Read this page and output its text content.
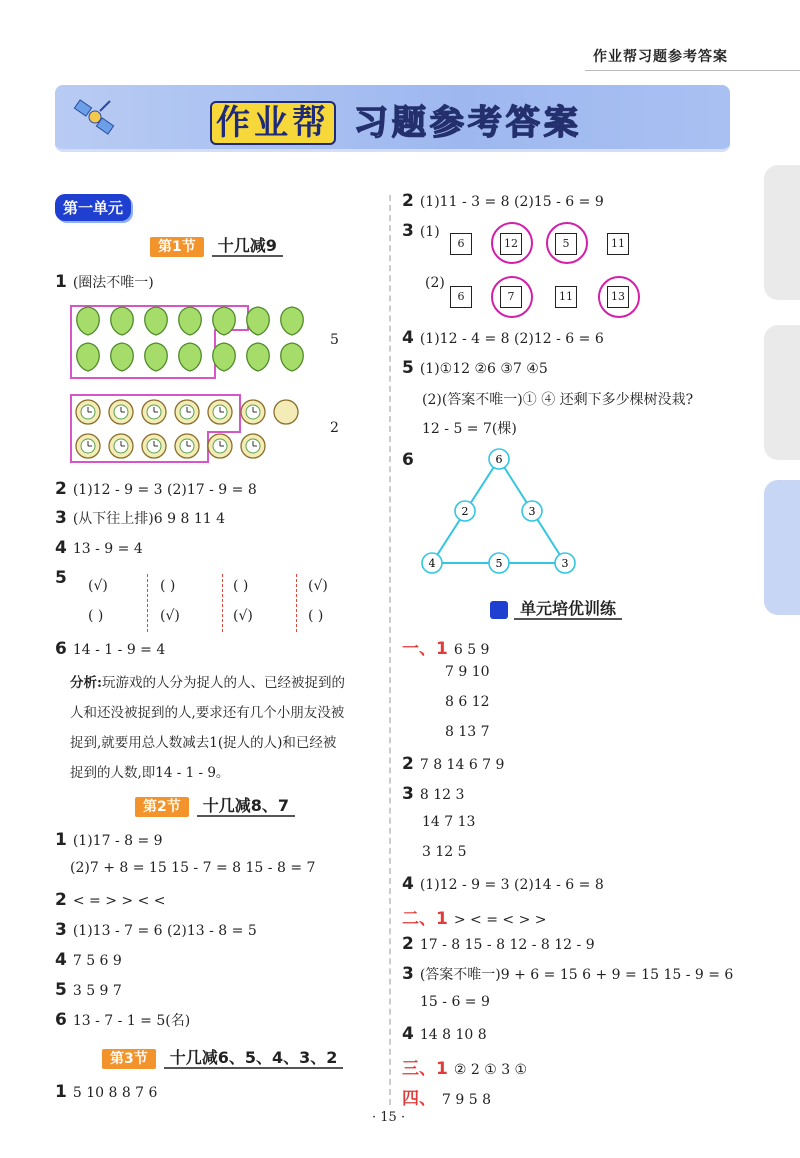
作业帮习题参考答案
作业帮 习题参考答案
第一单元
第1节 十几减9
1 (圈法不唯一)
5
2
2 (1)12 - 9 = 3 (2)17 - 9 = 8
3 (从下往上排)6 9 8 11 4
4 13 - 9 = 4
5	(√)	( )	( )	(√)
( )	(√)	(√)	( )
6 14 - 1 - 9 = 4
分析:玩游戏的人分为捉人的人、已经被捉到的
人和还没被捉到的人,要求还有几个小朋友没被
捉到,就要用总人数减去1(捉人的人)和已经被
捉到的人数,即14 - 1 - 9。
第2节 十几减8、7
1 (1)17 - 8 = 9
(2)7 + 8 = 15 15 - 7 = 8 15 - 8 = 7
2 < = > > < <
3 (1)13 - 7 = 6 (2)13 - 8 = 5
4 7 5 6 9
5 3 5 9 7
6 13 - 7 - 1 = 5(名)
第3节 十几减6、5、4、3、2
1 5 10 8 8 7 6
2 (1)11 - 3 = 8 (2)15 - 6 = 9
3 (1)
6	12	5	11
(2)
6	7	11	13
4 (1)12 - 4 = 8 (2)12 - 6 = 6
5 (1)①12 ②6 ③7 ④5
(2)(答案不唯一)① ④ 还剩下多少棵树没栽?
12 - 5 = 7(棵)
6	6
2	3
4	5	3
单元培优训练
一、1 6 5 9
7 9 10
8 6 12
8 13 7
2 7 8 14 6 7 9
3 8 12 3
14 7 13
3 12 5
4 (1)12 - 9 = 3 (2)14 - 6 = 8
二、1 > < = < > >
2 17 - 8 15 - 8 12 - 8 12 - 9
3 (答案不唯一)9 + 6 = 15 6 + 9 = 15 15 - 9 = 6
15 - 6 = 9
4 14 8 10 8
三、1 ② 2 ① 3 ①
四、 7 9 5 8
· 15 ·
